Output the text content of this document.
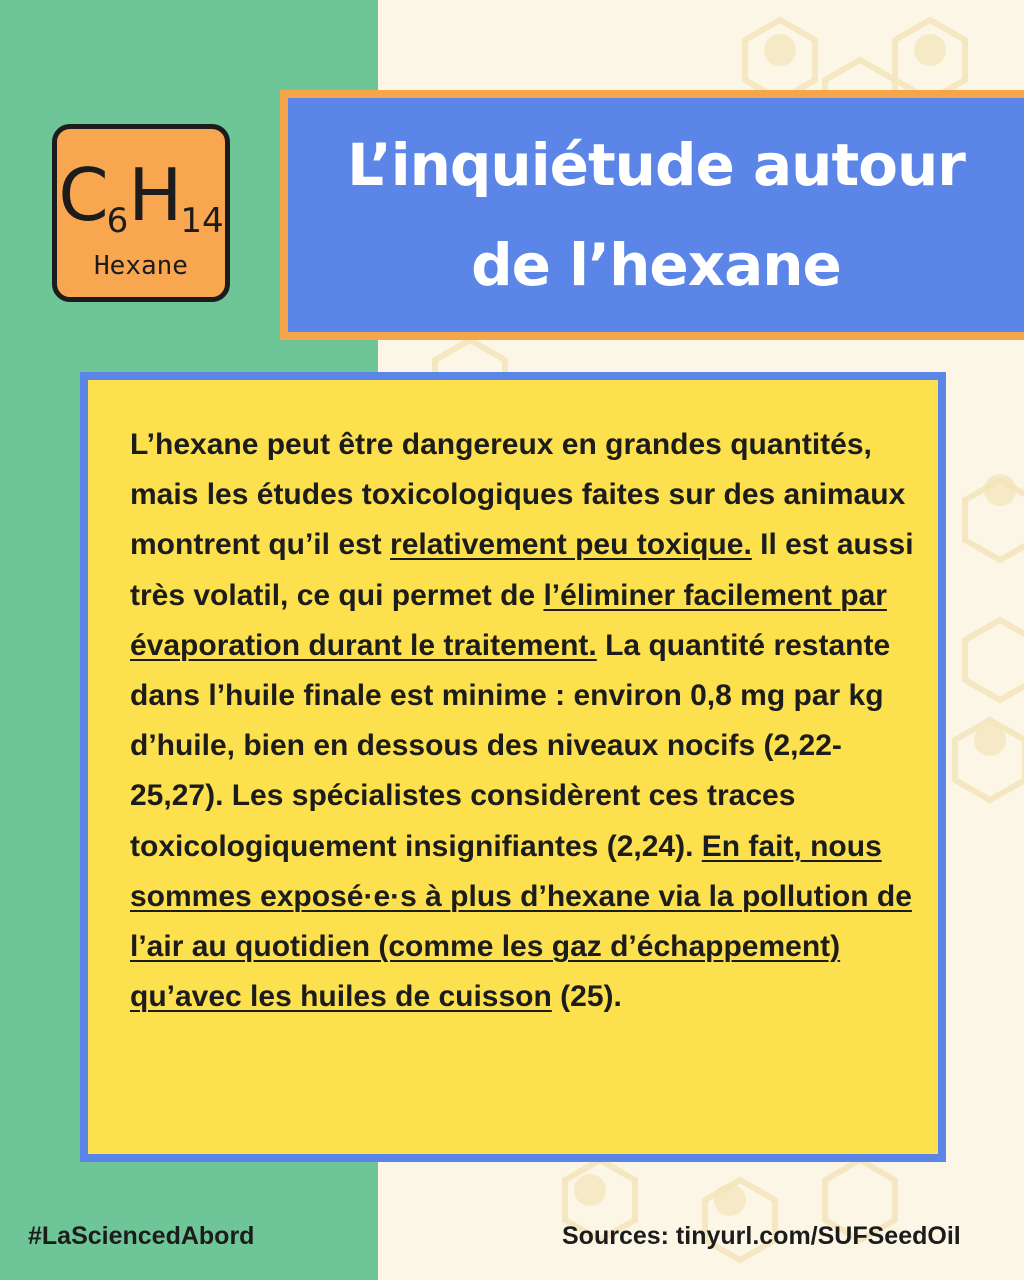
C6H14
Hexane
L’inquiétude autour
de l’hexane
L’hexane peut être dangereux en grandes quantités, mais les études toxicologiques faites sur des animaux montrent qu’il est relativement peu toxique. Il est aussi très volatil, ce qui permet de l’éliminer facilement par évaporation durant le traitement. La quantité restante dans l’huile finale est minime : environ 0,8 mg par kg d’huile, bien en dessous des niveaux nocifs (2,22-25,27). Les spécialistes considèrent ces traces toxicologiquement insignifiantes (2,24). En fait, nous sommes exposé·e·s à plus d’hexane via la pollution de l’air au quotidien (comme les gaz d’échappement) qu’avec les huiles de cuisson (25).
#LaSciencedAbord	Sources: tinyurl.com/SUFSeedOil
